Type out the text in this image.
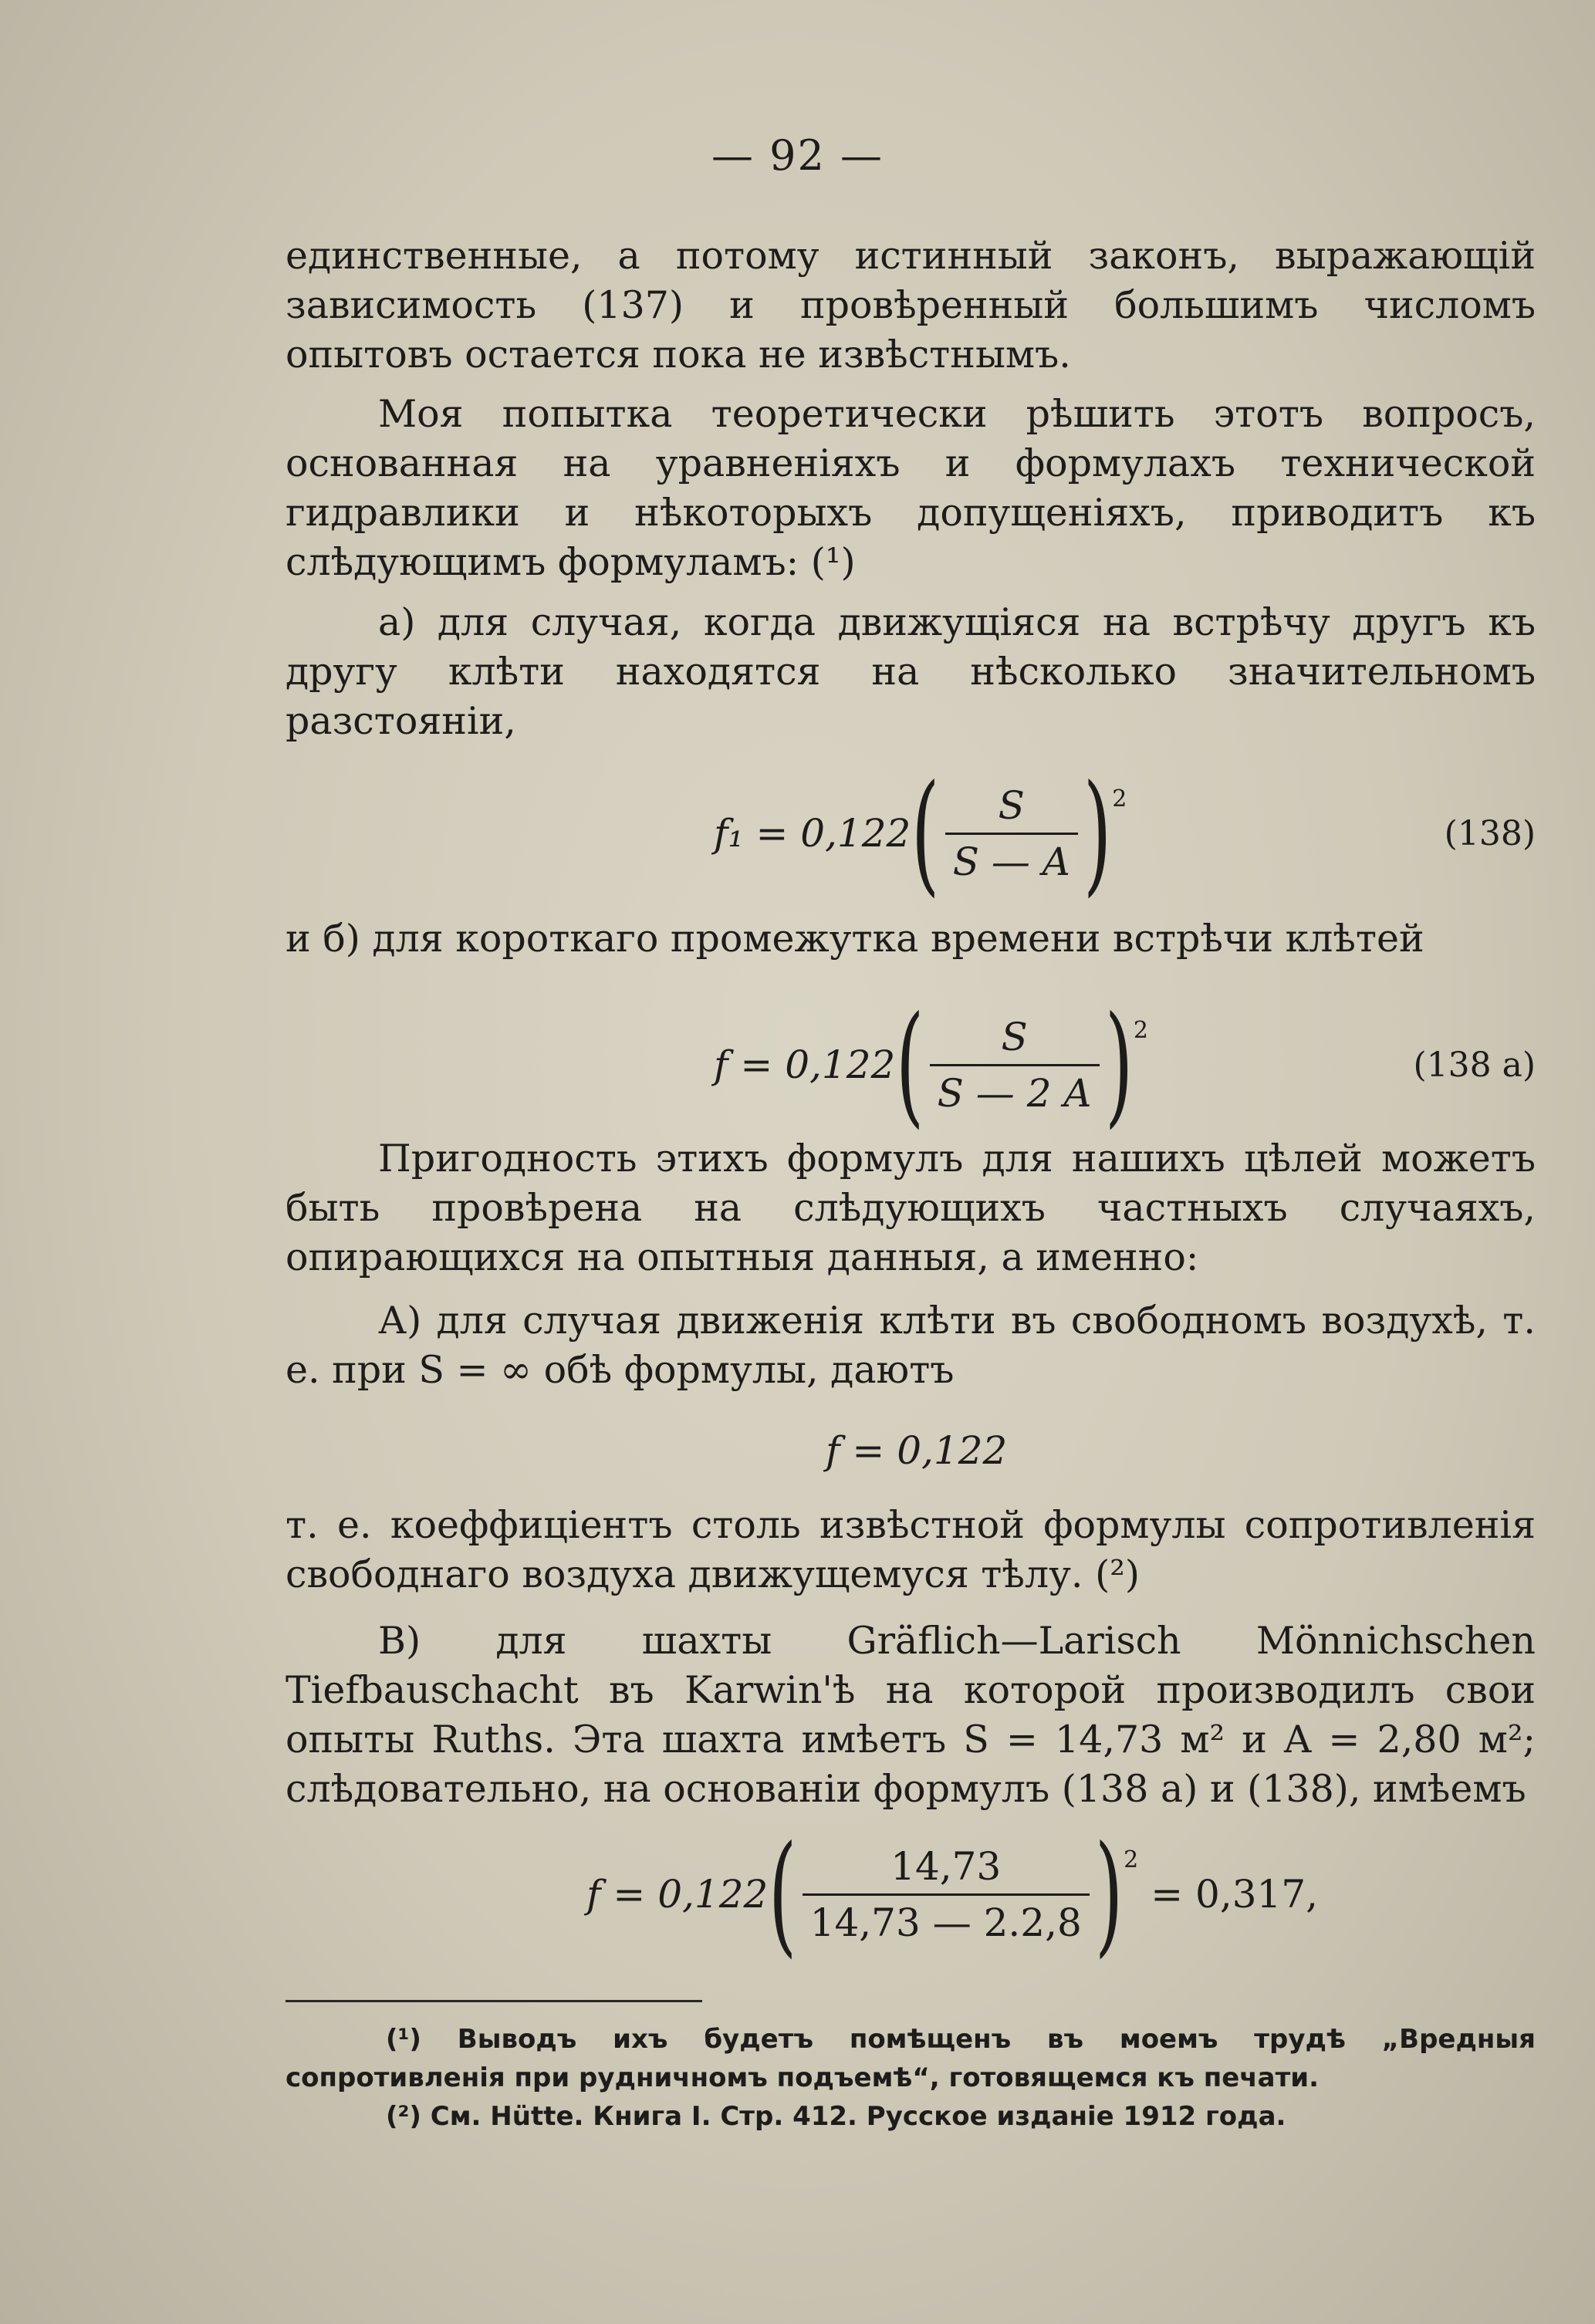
— 92 —

единственные, а потому истинный законъ, выражающій зависимость (137) и провѣренный большимъ числомъ опытовъ остается пока не извѣстнымъ.

Моя попытка теоретически рѣшить этотъ вопросъ, основанная на уравненіяхъ и формулахъ технической гидравлики и нѣкоторыхъ допущеніяхъ, приводитъ къ слѣдующимъ формуламъ: (¹)

а) для случая, когда движущіяся на встрѣчу другъ къ другу клѣти находятся на нѣсколько значительномъ разстояніи,

f₁ = 0,122 ( $\frac{S}{S — A}$ ) 2
(138)

и б) для короткаго промежутка времени встрѣчи клѣтей

f = 0,122 ( $\frac{S}{S — 2 A}$ ) 2
(138 а)

Пригодность этихъ формулъ для нашихъ цѣлей можетъ быть провѣрена на слѣдующихъ частныхъ случаяхъ, опирающихся на опытныя данныя, а именно:

А) для случая движенія клѣти въ свободномъ воздухѣ, т. е. при S = ∞ обѣ формулы, даютъ

f = 0,122

т. е. коеффиціентъ столь извѣстной формулы сопротивленія свободнаго воздуха движущемуся тѣлу. (²)

В) для шахты Gräflich—Larisch Mönnichschen Tiefbauschacht въ Karwin'ѣ на которой производилъ свои опыты Ruths. Эта шахта имѣетъ S = 14,73 м² и A = 2,80 м²; слѣдовательно, на основаніи формулъ (138 а) и (138), имѣемъ

f = 0,122 ( $\frac{14,73}{14,73 — 2.2,8}$ ) 2
= 0,317,

(¹) Выводъ ихъ будетъ помѣщенъ въ моемъ трудѣ „Вредныя сопротивленія при рудничномъ подъемѣ“, готовящемся къ печати.

(²) См. Hütte. Книга I. Стр. 412. Русское изданіе 1912 года.
